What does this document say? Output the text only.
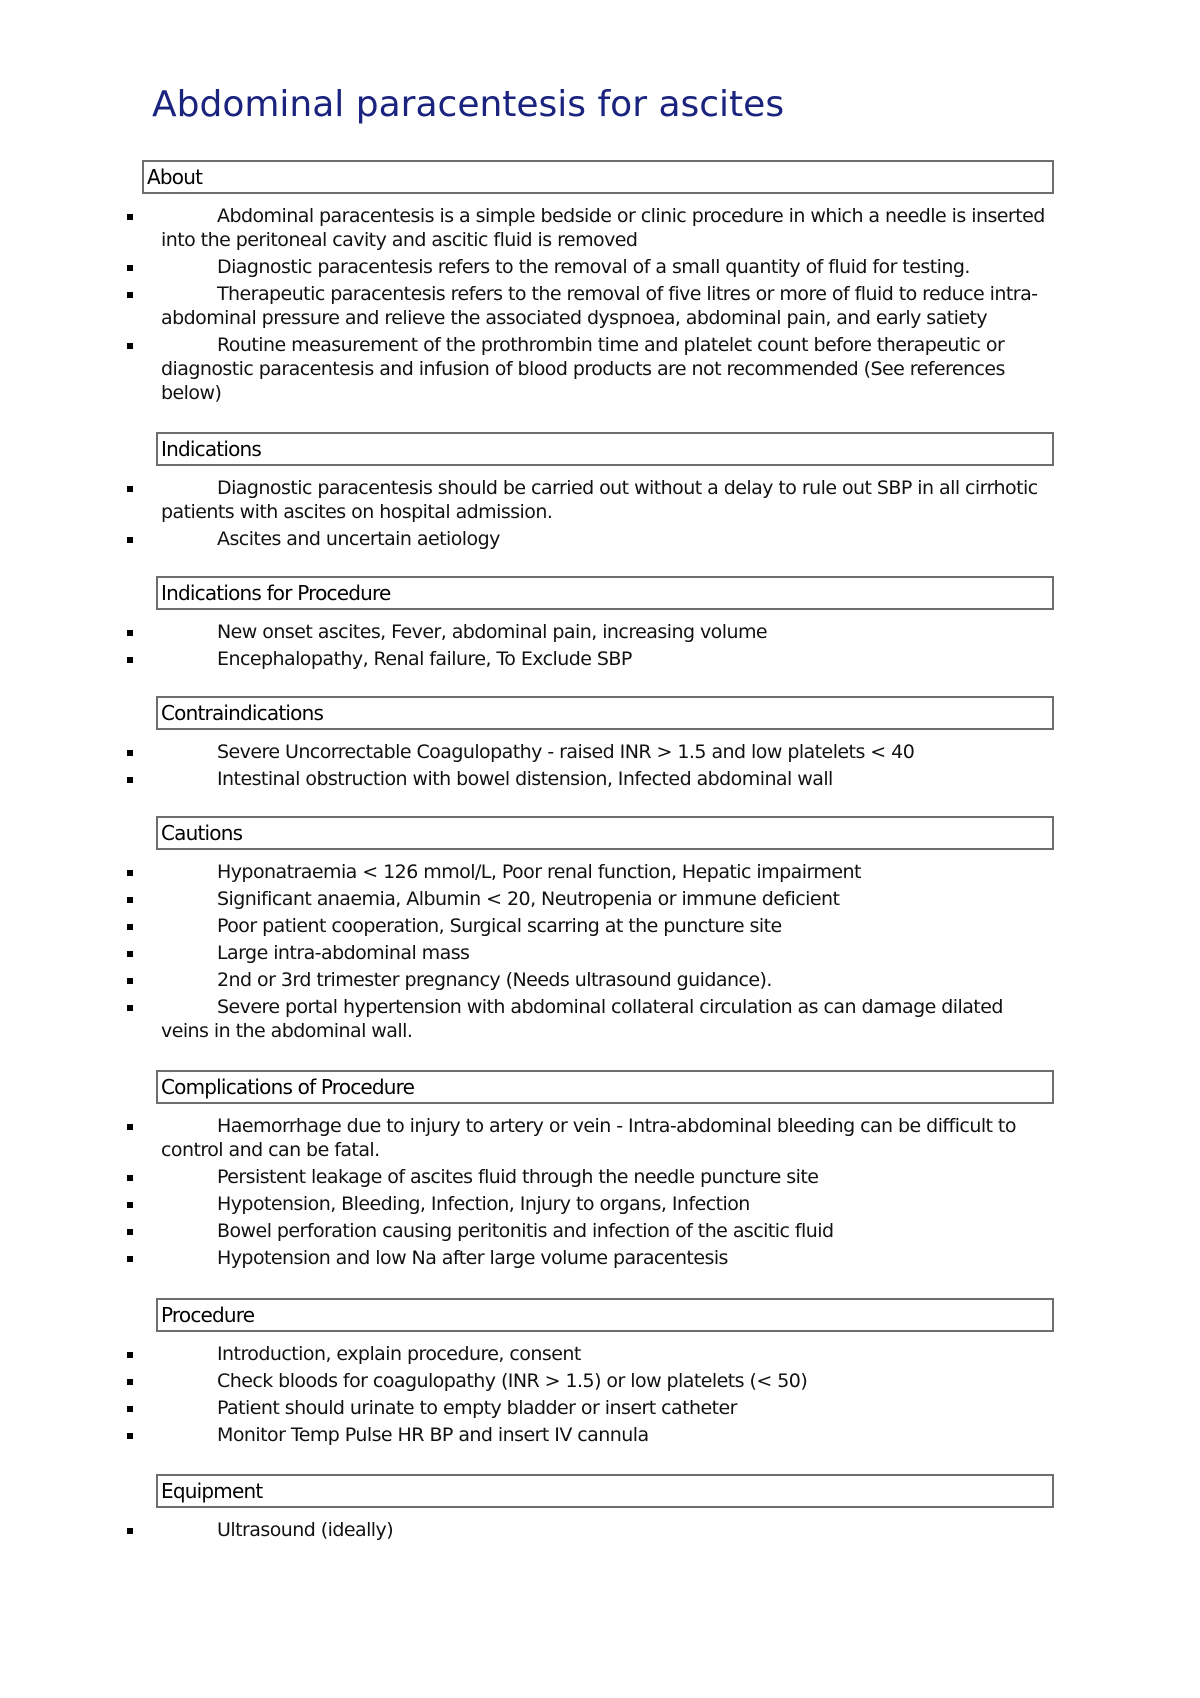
Abdominal paracentesis for ascites
About
Abdominal paracentesis is a simple bedside or clinic procedure in which a needle is inserted into the peritoneal cavity and ascitic fluid is removed
Diagnostic paracentesis refers to the removal of a small quantity of fluid for testing.
Therapeutic paracentesis refers to the removal of five litres or more of fluid to reduce intra-abdominal pressure and relieve the associated dyspnoea, abdominal pain, and early satiety
Routine measurement of the prothrombin time and platelet count before therapeutic or diagnostic paracentesis and infusion of blood products are not recommended (See references below)
Indications
Diagnostic paracentesis should be carried out without a delay to rule out SBP in all cirrhotic patients with ascites on hospital admission.
Ascites and uncertain aetiology
Indications for Procedure
New onset ascites, Fever, abdominal pain, increasing volume
Encephalopathy, Renal failure, To Exclude SBP
Contraindications
Severe Uncorrectable Coagulopathy - raised INR > 1.5 and low platelets < 40
Intestinal obstruction with bowel distension, Infected abdominal wall
Cautions
Hyponatraemia < 126 mmol/L, Poor renal function, Hepatic impairment
Significant anaemia, Albumin < 20, Neutropenia or immune deficient
Poor patient cooperation, Surgical scarring at the puncture site
Large intra-abdominal mass
2nd or 3rd trimester pregnancy (Needs ultrasound guidance).
Severe portal hypertension with abdominal collateral circulation as can damage dilated veins in the abdominal wall.
Complications of Procedure
Haemorrhage due to injury to artery or vein - Intra-abdominal bleeding can be difficult to control and can be fatal.
Persistent leakage of ascites fluid through the needle puncture site
Hypotension, Bleeding, Infection, Injury to organs, Infection
Bowel perforation causing peritonitis and infection of the ascitic fluid
Hypotension and low Na after large volume paracentesis
Procedure
Introduction, explain procedure, consent
Check bloods for coagulopathy (INR > 1.5) or low platelets (< 50)
Patient should urinate to empty bladder or insert catheter
Monitor Temp Pulse HR BP and insert IV cannula
Equipment
Ultrasound (ideally)
